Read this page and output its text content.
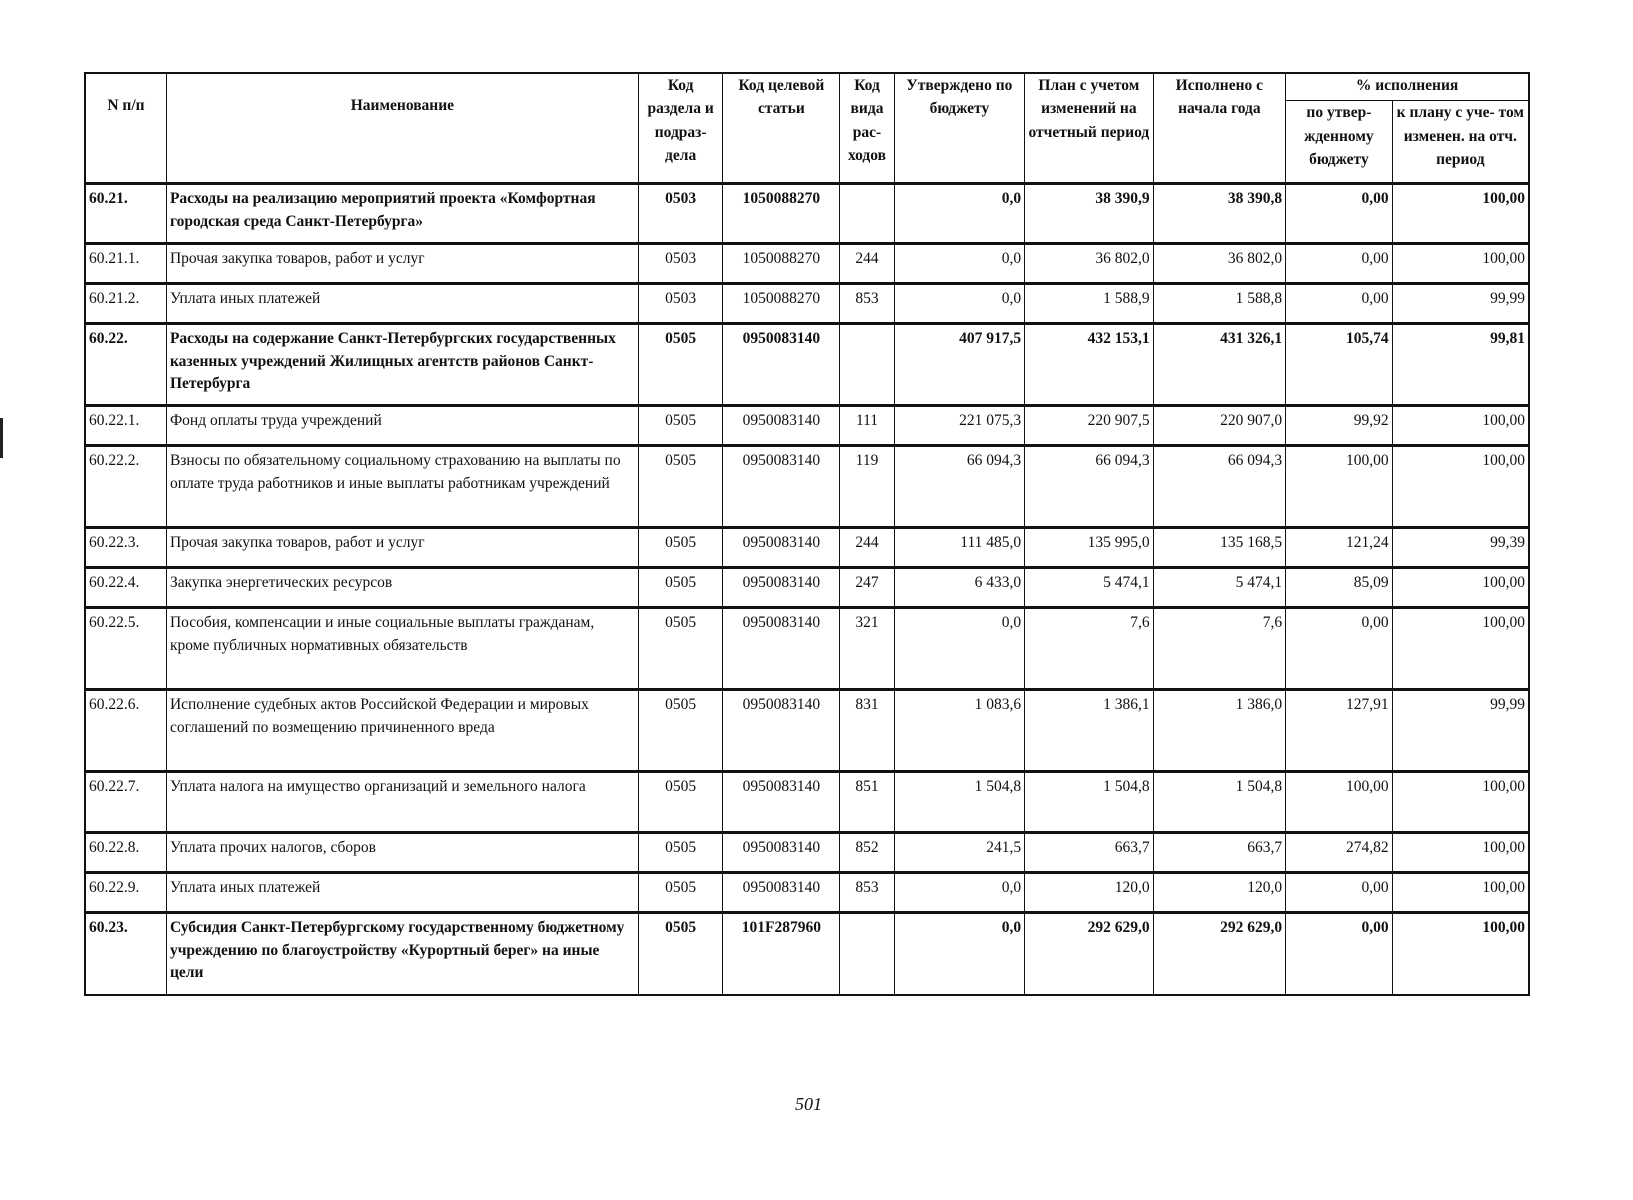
N п/п	Наименование	Код раздела и подраз- дела	Код целевой статьи	Код вида рас- ходов	Утверждено по бюджету	План с учетом изменений на отчетный период	Исполнено с начала года	% исполнения	
								по утвер- жденному бюджету	к плану с уче- том изменен. на отч. период
60.21.	Расходы на реализацию мероприятий проекта «Комфортная городская среда Санкт-Петербурга»	0503	1050088270		0,0	38 390,9	38 390,8	0,00	100,00
60.21.1.	Прочая закупка товаров, работ и услуг	0503	1050088270	244	0,0	36 802,0	36 802,0	0,00	100,00
60.21.2.	Уплата иных платежей	0503	1050088270	853	0,0	1 588,9	1 588,8	0,00	99,99
60.22.	Расходы на содержание Санкт-Петербургских государственных казенных учреждений Жилищных агентств районов Санкт-Петербурга	0505	0950083140		407 917,5	432 153,1	431 326,1	105,74	99,81
60.22.1.	Фонд оплаты труда учреждений	0505	0950083140	111	221 075,3	220 907,5	220 907,0	99,92	100,00
60.22.2.	Взносы по обязательному социальному страхованию на выплаты по оплате труда работников и иные выплаты работникам учреждений	0505	0950083140	119	66 094,3	66 094,3	66 094,3	100,00	100,00
60.22.3.	Прочая закупка товаров, работ и услуг	0505	0950083140	244	111 485,0	135 995,0	135 168,5	121,24	99,39
60.22.4.	Закупка энергетических ресурсов	0505	0950083140	247	6 433,0	5 474,1	5 474,1	85,09	100,00
60.22.5.	Пособия, компенсации и иные социальные выплаты гражданам, кроме публичных нормативных обязательств	0505	0950083140	321	0,0	7,6	7,6	0,00	100,00
60.22.6.	Исполнение судебных актов Российской Федерации и мировых соглашений по возмещению причиненного вреда	0505	0950083140	831	1 083,6	1 386,1	1 386,0	127,91	99,99
60.22.7.	Уплата налога на имущество организаций и земельного налога	0505	0950083140	851	1 504,8	1 504,8	1 504,8	100,00	100,00
60.22.8.	Уплата прочих налогов, сборов	0505	0950083140	852	241,5	663,7	663,7	274,82	100,00
60.22.9.	Уплата иных платежей	0505	0950083140	853	0,0	120,0	120,0	0,00	100,00
60.23.	Субсидия Санкт-Петербургскому государственному бюджетному учреждению по благоустройству «Курортный берег» на иные цели	0505	101F287960		0,0	292 629,0	292 629,0	0,00	100,00
501
